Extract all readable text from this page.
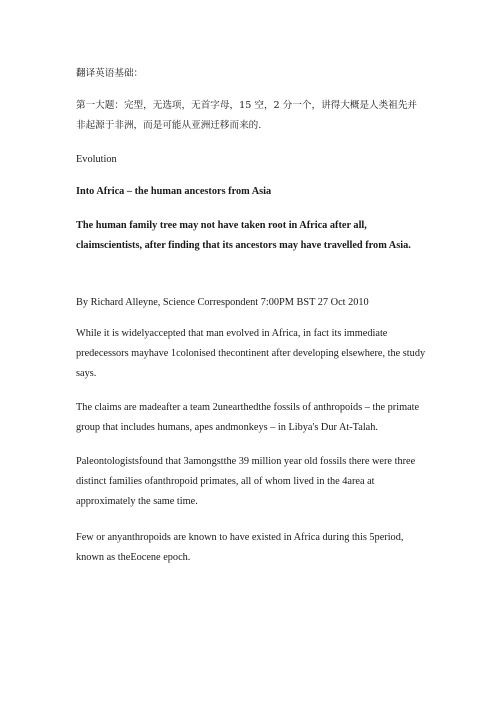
翻译英语基础：
第一大题：完型，无选项，无首字母，15 空，2 分一个，讲得大概是人类祖先并
非起源于非洲，而是可能从亚洲迁移而来的.
Evolution
Into Africa – the human ancestors from Asia
The human family tree may not have taken root in Africa after all,
claimscientists, after finding that its ancestors may have travelled from Asia.
By Richard Alleyne, Science Correspondent 7:00PM BST 27 Oct 2010
While it is widelyaccepted that man evolved in Africa, in fact its immediate
predecessors mayhave 1colonised thecontinent after developing elsewhere, the study
says.
The claims are madeafter a team 2unearthedthe fossils of anthropoids – the primate
group that includes humans, apes andmonkeys – in Libya's Dur At-Talah.
Paleontologistsfound that 3amongstthe 39 million year old fossils there were three
distinct families ofanthropoid primates, all of whom lived in the 4area at
approximately the same time.
Few or anyanthropoids are known to have existed in Africa during this 5period,
known as theEocene epoch.
